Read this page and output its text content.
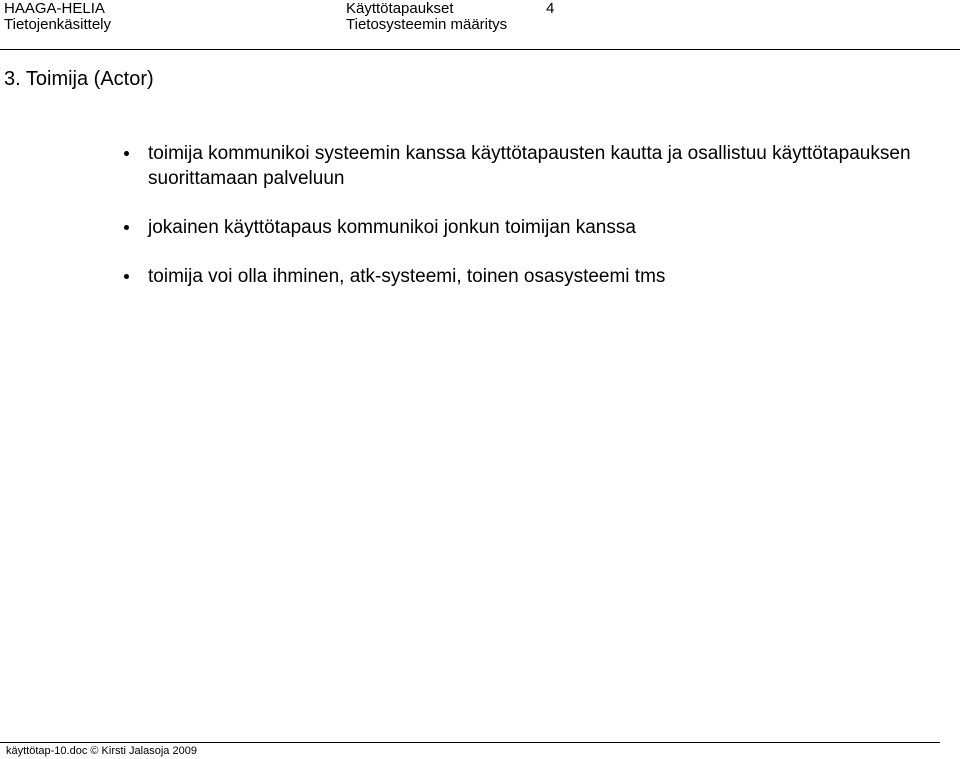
HAAGA-HELIA
Tietojenkäsittely
Käyttötapaukset
Tietosysteemin määritys
4
3. Toimija (Actor)
toimija kommunikoi systeemin kanssa käyttötapausten kautta ja osallistuu käyttötapauksen suorittamaan palveluun
jokainen käyttötapaus kommunikoi jonkun toimijan kanssa
toimija voi olla ihminen, atk-systeemi, toinen osasysteemi tms
käyttötap-10.doc © Kirsti Jalasoja 2009
